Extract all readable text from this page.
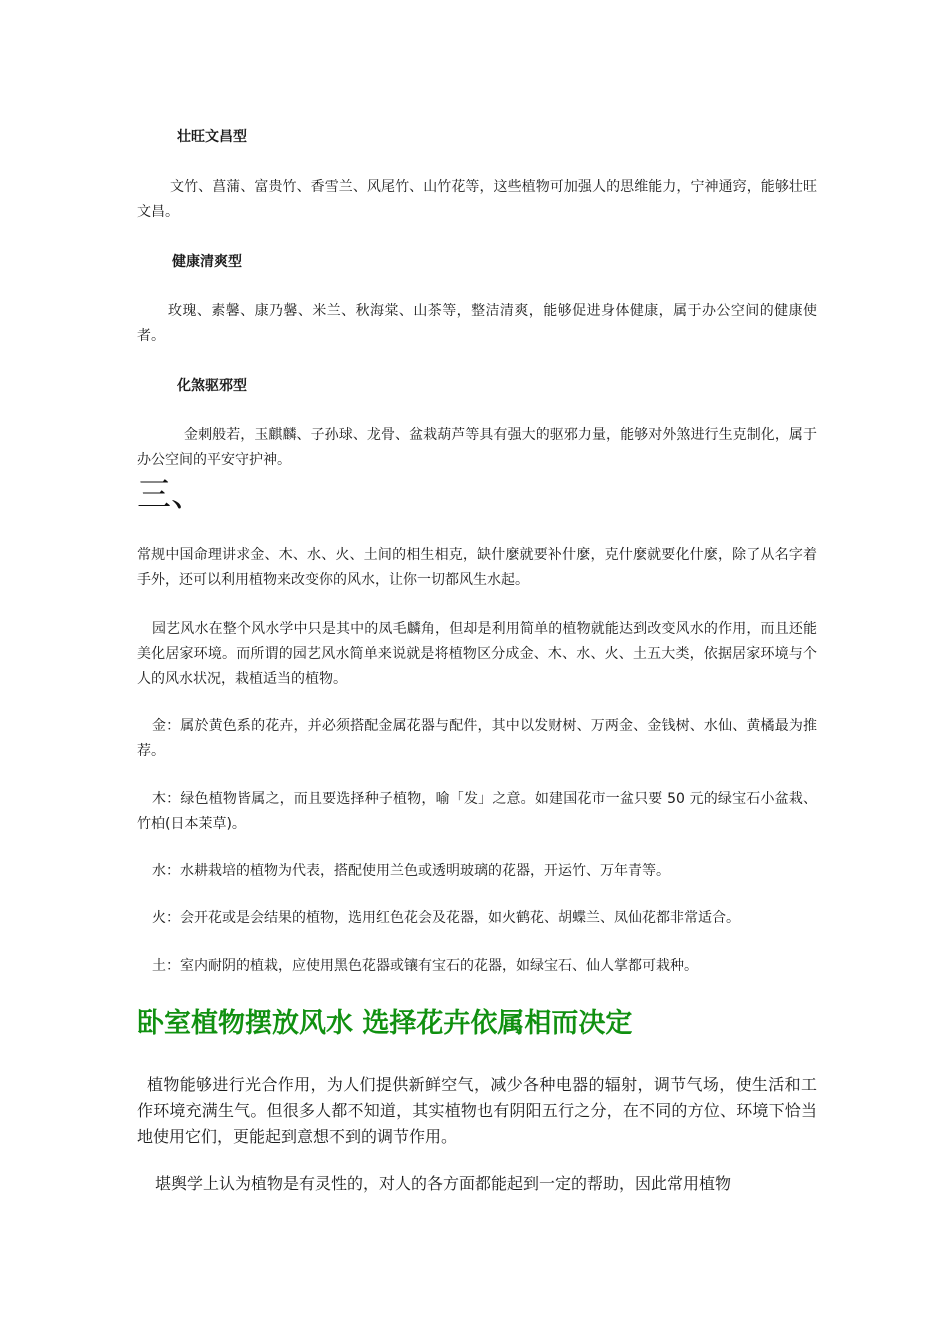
壮旺文昌型
文竹、菖蒲、富贵竹、香雪兰、风尾竹、山竹花等，这些植物可加强人的思维能力，宁神通窍，能够壮旺文昌。
健康清爽型
玫瑰、素馨、康乃馨、米兰、秋海棠、山茶等，整洁清爽，能够促进身体健康，属于办公空间的健康使者。
化煞驱邪型
金刺般若，玉麒麟、子孙球、龙骨、盆栽葫芦等具有强大的驱邪力量，能够对外煞进行生克制化，属于办公空间的平安守护神。
三、
常规中国命理讲求金、木、水、火、土间的相生相克，缺什麼就要补什麼，克什麼就要化什麼，除了从名字着手外，还可以利用植物来改变你的风水，让你一切都风生水起。
园艺风水在整个风水学中只是其中的凤毛麟角，但却是利用简单的植物就能达到改变风水的作用，而且还能美化居家环境。而所谓的园艺风水简单来说就是将植物区分成金、木、水、火、土五大类，依据居家环境与个人的风水状况，栽植适当的植物。
金：属於黄色系的花卉，并必须搭配金属花器与配件，其中以发财树、万两金、金钱树、水仙、黄橘最为推荐。
木：绿色植物皆属之，而且要选择种子植物，喻「发」之意。如建国花市一盆只要 50 元的绿宝石小盆栽、竹柏(日本茉草)。
水：水耕栽培的植物为代表，搭配使用兰色或透明玻璃的花器，开运竹、万年青等。
火：会开花或是会结果的植物，选用红色花会及花器，如火鹤花、胡蝶兰、凤仙花都非常适合。
土：室内耐阴的植栽，应使用黑色花器或镶有宝石的花器，如绿宝石、仙人掌都可栽种。
卧室植物摆放风水 选择花卉依属相而决定
植物能够进行光合作用，为人们提供新鲜空气，减少各种电器的辐射，调节气场，使生活和工作环境充满生气。但很多人都不知道，其实植物也有阴阳五行之分，在不同的方位、环境下恰当地使用它们，更能起到意想不到的调节作用。
堪舆学上认为植物是有灵性的，对人的各方面都能起到一定的帮助，因此常用植物
